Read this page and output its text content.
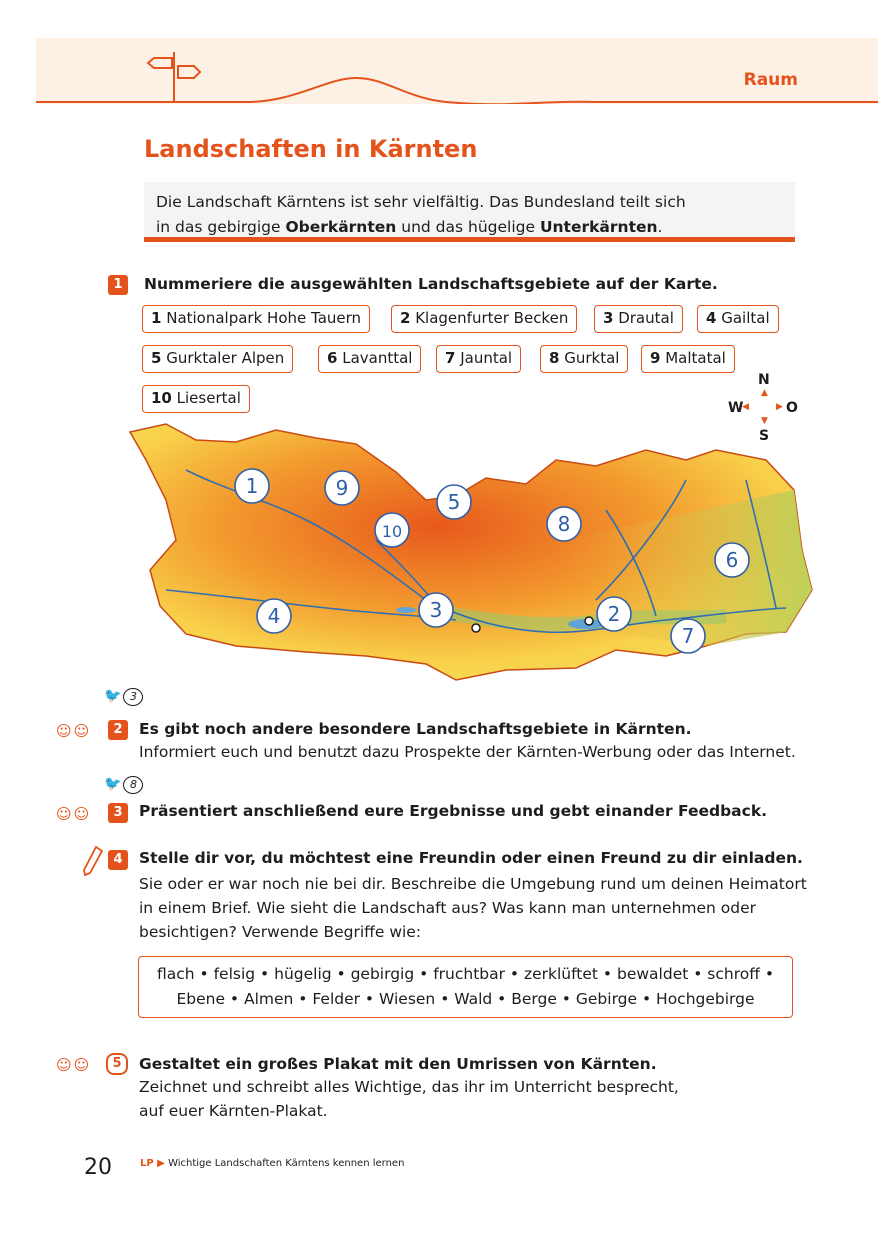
Raum
Landschaften in Kärnten
Die Landschaft Kärntens ist sehr vielfältig. Das Bundesland teilt sich
in das gebirgige Oberkärnten und das hügelige Unterkärnten.
1	Nummeriere die ausgewählten Landschaftsgebiete auf der Karte.
1 Nationalpark Hohe Tauern	2 Klagenfurter Becken	3 Drautal	4 Gailtal
5 Gurktaler Alpen	6 Lavanttal	7 Jauntal	8 Gurktal	9 Maltatal
10 Liesertal
N
▲
W
◀	▶ O
▼
S
1	9
5
10	8
6
4	3	2
7
🐦 3
☺☺	2	Es gibt noch andere besondere Landschaftsgebiete in Kärnten.
Informiert euch und benutzt dazu Prospekte der Kärnten-Werbung oder das Internet.
🐦 8
☺☺	3	Präsentiert anschließend eure Ergebnisse und gebt einander Feedback.
4	Stelle dir vor, du möchtest eine Freundin oder einen Freund zu dir einladen.
Sie oder er war noch nie bei dir. Beschreibe die Umgebung rund um deinen Heimatort
in einem Brief. Wie sieht die Landschaft aus? Was kann man unternehmen oder
besichtigen? Verwende Begriffe wie:
flach • felsig • hügelig • gebirgig • fruchtbar • zerklüftet • bewaldet • schroff •
Ebene • Almen • Felder • Wiesen • Wald • Berge • Gebirge • Hochgebirge
☺☺	5	Gestaltet ein großes Plakat mit den Umrissen von Kärnten.
Zeichnet und schreibt alles Wichtige, das ihr im Unterricht besprecht,
auf euer Kärnten-Plakat.
20	LP ▶ Wichtige Landschaften Kärntens kennen lernen
